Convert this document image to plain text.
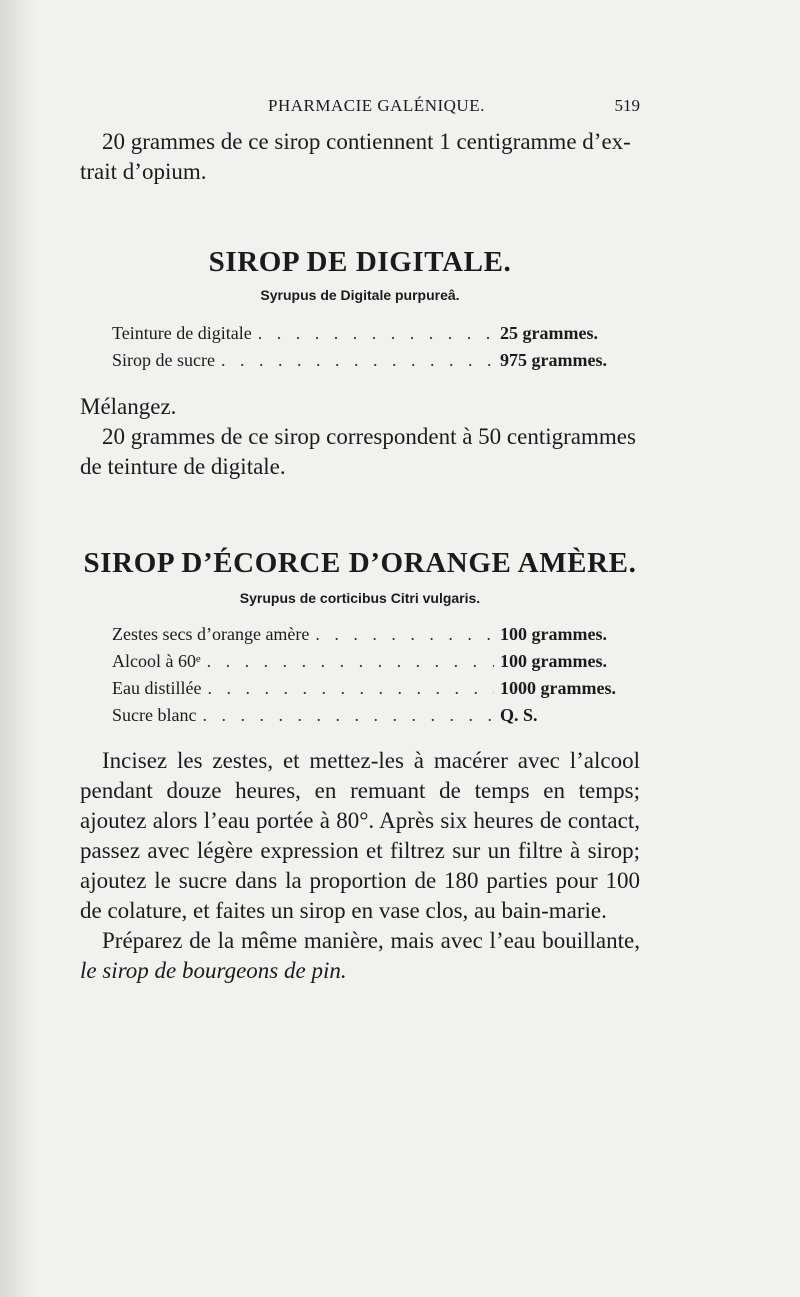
PHARMACIE GALÉNIQUE.	519

20 grammes de ce sirop contiennent 1 centigramme d’ex-

trait d’opium.

SIROP DE DIGITALE.

Syrupus de Digitale purpureâ.

Teinture de digitale . . .	25 grammes.
Sirop de sucre . . .	975 grammes.

Mélangez.

20 grammes de ce sirop correspondent à 50 centigrammes

de teinture de digitale.

SIROP D’ÉCORCE D’ORANGE AMÈRE.

Syrupus de corticibus Citri vulgaris.

Zestes secs d’orange amère . . .	100 grammes.
Alcool à 60ᵉ . . .	100 grammes.
Eau distillée . . .	1000 grammes.
Sucre blanc . . .	Q. S.

Incisez les zestes, et mettez-les à macérer avec l’alcool pendant douze heures, en remuant de temps en temps; ajoutez alors l’eau portée à 80°. Après six heures de contact, passez avec légère expression et filtrez sur un filtre à sirop; ajoutez le sucre dans la proportion de 180 parties pour 100 de colature, et faites un sirop en vase clos, au bain-marie.

Préparez de la même manière, mais avec l’eau bouillante, le sirop de bourgeons de pin.
